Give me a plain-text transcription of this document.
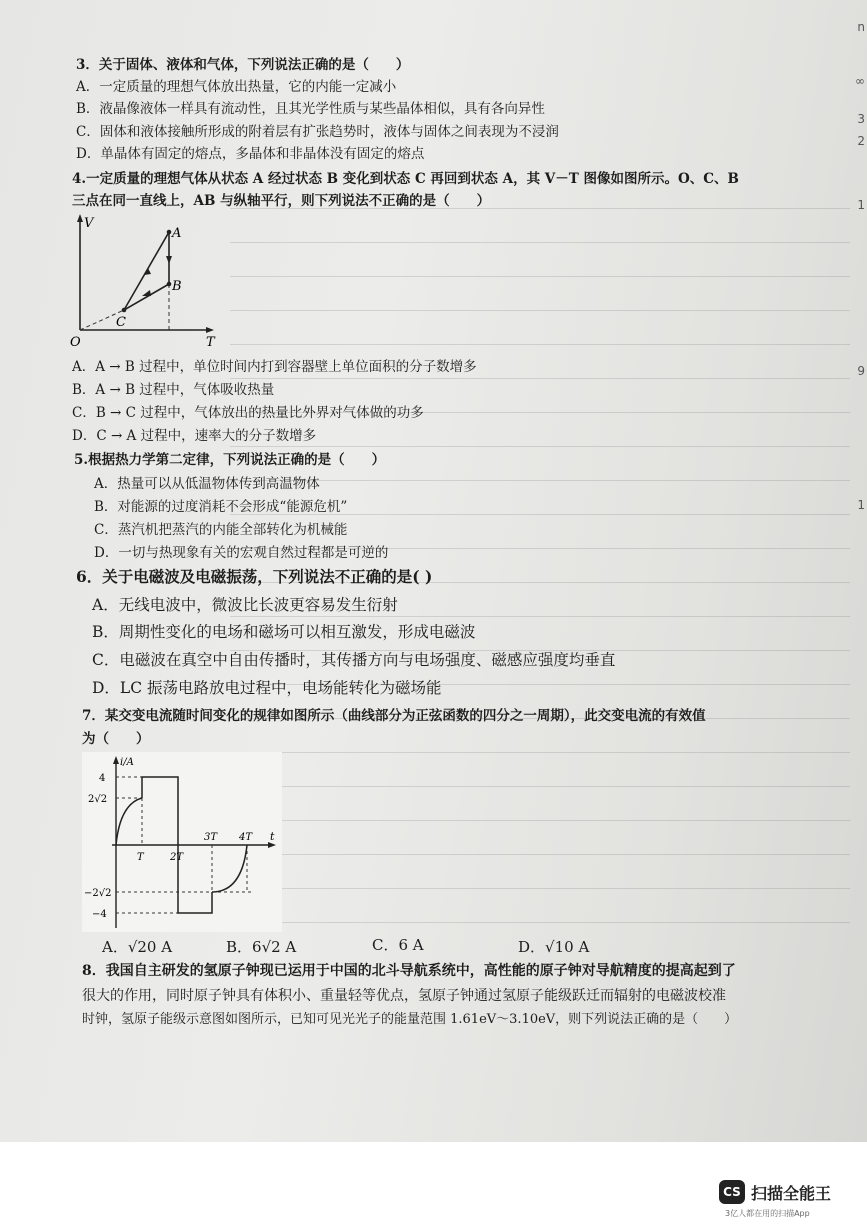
n
∞
3
2
1
9
1
3．关于固体、液体和气体，下列说法正确的是（　　）
A．一定质量的理想气体放出热量，它的内能一定减小
B．液晶像液体一样具有流动性，且其光学性质与某些晶体相似，具有各向异性
C．固体和液体接触所形成的附着层有扩张趋势时，液体与固体之间表现为不浸润
D．单晶体有固定的熔点，多晶体和非晶体没有固定的熔点
4.一定质量的理想气体从状态 A 经过状态 B 变化到状态 C 再回到状态 A，其 V－T 图像如图所示。O、C、B
三点在同一直线上，AB 与纵轴平行，则下列说法不正确的是（　　）
V
T
O
A
B
C
A．A → B 过程中，单位时间内打到容器壁上单位面积的分子数增多
B．A → B 过程中，气体吸收热量
C．B → C 过程中，气体放出的热量比外界对气体做的功多
D．C → A 过程中，速率大的分子数增多
5.根据热力学第二定律，下列说法正确的是（　　）
A．热量可以从低温物体传到高温物体
B．对能源的过度消耗不会形成“能源危机”
C．蒸汽机把蒸汽的内能全部转化为机械能
D．一切与热现象有关的宏观自然过程都是可逆的
6．关于电磁波及电磁振荡，下列说法不正确的是( )
A．无线电波中，微波比长波更容易发生衍射
B．周期性变化的电场和磁场可以相互激发，形成电磁波
C．电磁波在真空中自由传播时，其传播方向与电场强度、磁感应强度均垂直
D．LC 振荡电路放电过程中，电场能转化为磁场能
7．某交变电流随时间变化的规律如图所示（曲线部分为正弦函数的四分之一周期），此交变电流的有效值
为（　　）
i/A
t
4
2√2
−2√2
−4
T	2T
3T 4T
A．√20 A	B．6√2 A	C．6 A	D．√10 A
8．我国自主研发的氢原子钟现已运用于中国的北斗导航系统中，高性能的原子钟对导航精度的提高起到了
很大的作用，同时原子钟具有体积小、重量轻等优点，氢原子钟通过氢原子能级跃迁而辐射的电磁波校准
时钟，氢原子能级示意图如图所示，已知可见光光子的能量范围 1.61eV～3.10eV，则下列说法正确的是（　　）
CS 扫描全能王
3亿人都在用的扫描App
